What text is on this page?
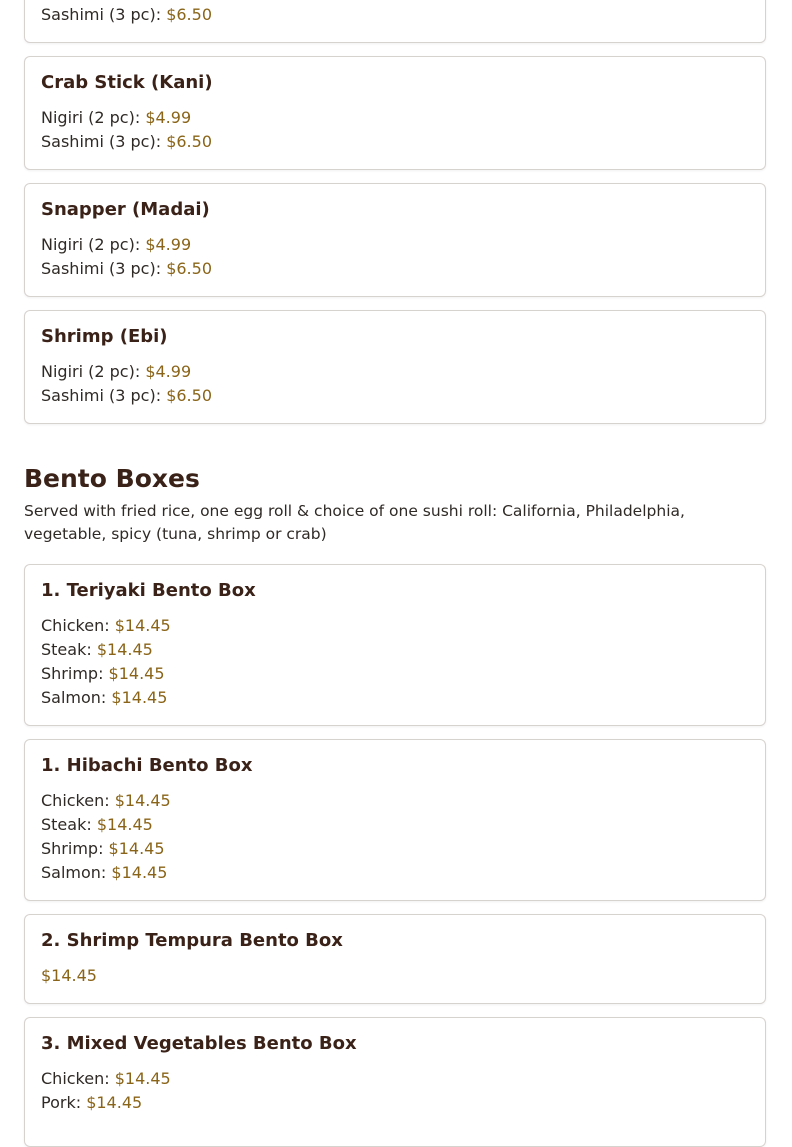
Sashimi (3 pc): $6.50
Crab Stick (Kani)
Nigiri (2 pc): $4.99
Sashimi (3 pc): $6.50
Snapper (Madai)
Nigiri (2 pc): $4.99
Sashimi (3 pc): $6.50
Shrimp (Ebi)
Nigiri (2 pc): $4.99
Sashimi (3 pc): $6.50
Bento Boxes
Served with fried rice, one egg roll & choice of one sushi roll: California, Philadelphia, vegetable, spicy (tuna, shrimp or crab)
1. Teriyaki Bento Box
Chicken: $14.45
Steak: $14.45
Shrimp: $14.45
Salmon: $14.45
1. Hibachi Bento Box
Chicken: $14.45
Steak: $14.45
Shrimp: $14.45
Salmon: $14.45
2. Shrimp Tempura Bento Box
$14.45
3. Mixed Vegetables Bento Box
Chicken: $14.45
Pork: $14.45
